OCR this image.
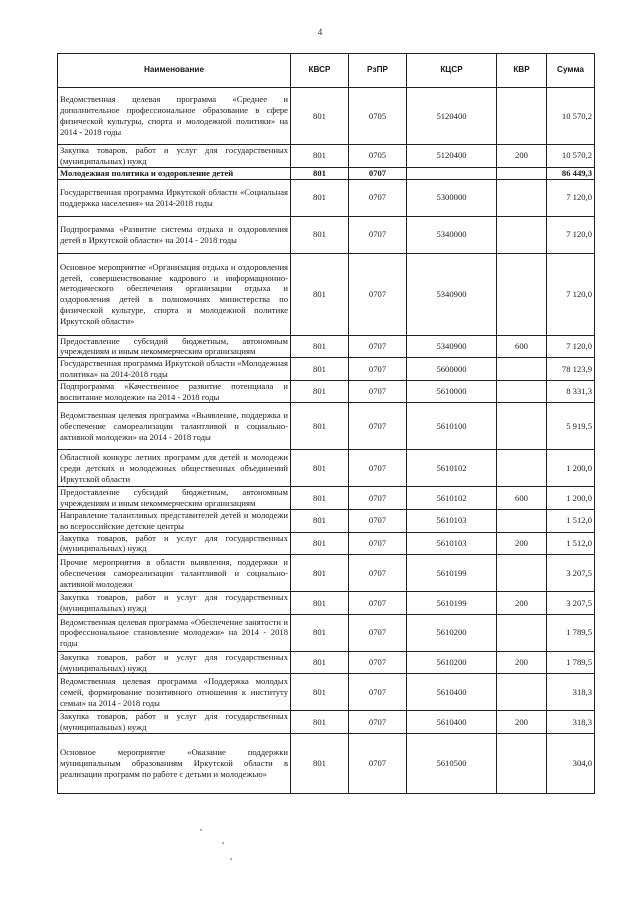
4
Наименование	КВСР	РзПР	КЦСР	КВР	Сумма
Ведомственная целевая программа «Среднее и дополнительное профессиональное образование в сфере физической культуры, спорта и молодежной политики» на 2014 - 2018 годы	801	0705	5120400		10 570,2
Закупка товаров, работ и услуг для государственных (муниципальных) нужд	801	0705	5120400	200	10 570,2
Молодежная политика и оздоровление детей	801	0707			86 449,3
Государственная программа Иркутской области «Социальная поддержка населения» на 2014-2018 годы	801	0707	5300000		7 120,0
Подпрограмма «Развитие системы отдыха и оздоровления детей в Иркутской области» на 2014 - 2018 годы	801	0707	5340000		7 120,0
Основное мероприятие «Организация отдыха и оздоровления детей, совершенствование кадрового и информационно-методического обеспечения организации отдыха и оздоровления детей в полномочиях министерства по физической культуре, спорта и молодежной политике Иркутской области»	801	0707	5340900		7 120,0
Предоставление субсидий бюджетным, автономным учреждениям и иным некоммерческим организациям	801	0707	5340900	600	7 120,0
Государственная программа Иркутской области «Молодежная политика» на 2014-2018 годы	801	0707	5600000		78 123,9
Подпрограмма «Качественное развитие потенциала и воспитание молодежи» на 2014 - 2018 годы	801	0707	5610000		8 331,3
Ведомственная целевая программа «Выявление, поддержка и обеспечение самореализации талантливой и социально-активной молодежи» на 2014 - 2018 годы	801	0707	5610100		5 919,5
Областной конкурс летних программ для детей и молодежи среди детских и молодежных общественных объединений Иркутской области	801	0707	5610102		1 200,0
Предоставление субсидий бюджетным, автономным учреждениям и иным некоммерческим организациям	801	0707	5610102	600	1 200,0
Направление талантливых представителей детей и молодежи во всероссийские детские центры	801	0707	5610103		1 512,0
Закупка товаров, работ и услуг для государственных (муниципальных) нужд	801	0707	5610103	200	1 512,0
Прочие мероприятия в области выявления, поддержки и обеспечения самореализации талантливой и социально-активной молодежи	801	0707	5610199		3 207,5
Закупка товаров, работ и услуг для государственных (муниципальных) нужд	801	0707	5610199	200	3 207,5
Ведомственная целевая программа «Обеспечение занятости и профессиональное становление молодежи» на 2014 - 2018 годы	801	0707	5610200		1 789,5
Закупка товаров, работ и услуг для государственных (муниципальных) нужд	801	0707	5610200	200	1 789,5
Ведомственная целевая программа «Поддержка молодых семей, формирование позитивного отношения к институту семьи» на 2014 - 2018 годы	801	0707	5610400		318,3
Закупка товаров, работ и услуг для государственных (муниципальных) нужд	801	0707	5610400	200	318,3
Основное мероприятие «Оказание поддержки муниципальным образованиям Иркутской области в реализации программ по работе с детьми и молодежью»	801	0707	5610500		304,0
